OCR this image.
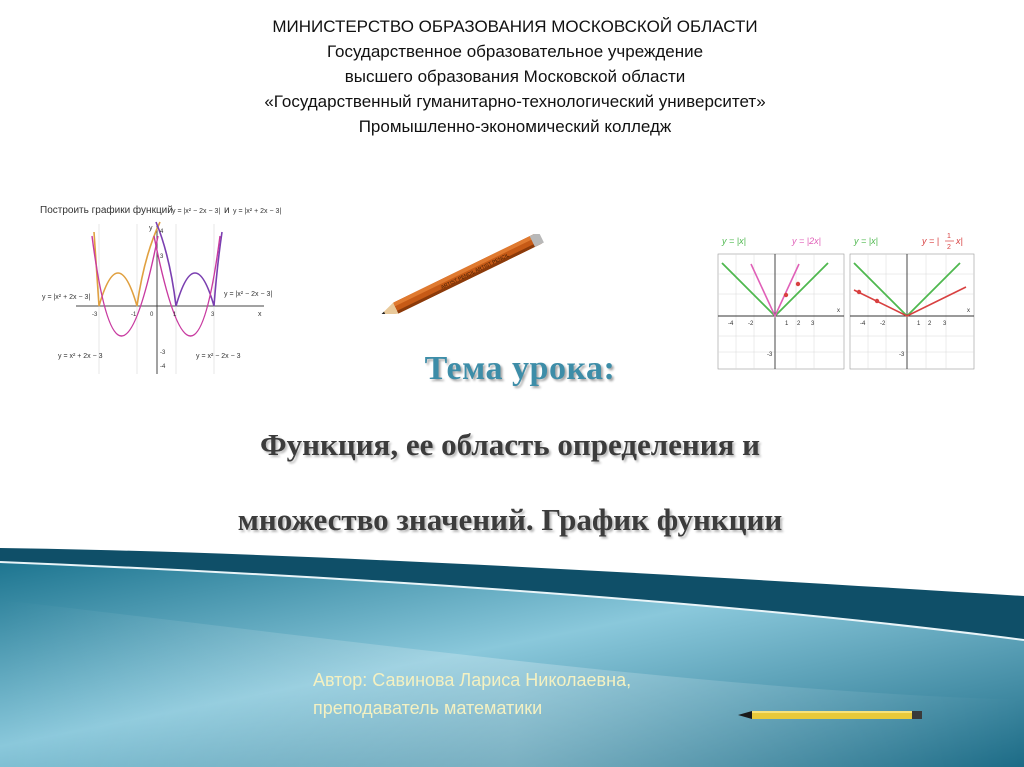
МИНИСТЕРСТВО ОБРАЗОВАНИЯ МОСКОВСКОЙ ОБЛАСТИ
Государственное образовательное учреждение
высшего образования Московской области
«Государственный гуманитарно-технологический университет»
Промышленно-экономический колледж
Построить графики функций y = |x² − 2x − 3| и y = |x² + 2x − 3|
-3	-1 0	1	3
4
3
-3
-4
x
y
y = |x² + 2x − 3|	y = |x² − 2x − 3|
y = x² + 2x − 3	y = x² − 2x − 3
ARTIST PENCIL ARTIST PENCIL
y = |x|	y = |2x|
-4 -2	1 2 3
-3
x
y = |x|	y = | 1
2
x|
-4 -2	1 2 3
-3
x
Тема урока:
Функция, ее область определения и
множество значений. График функции
Автор: Савинова Лариса Николаевна,
преподаватель математики
